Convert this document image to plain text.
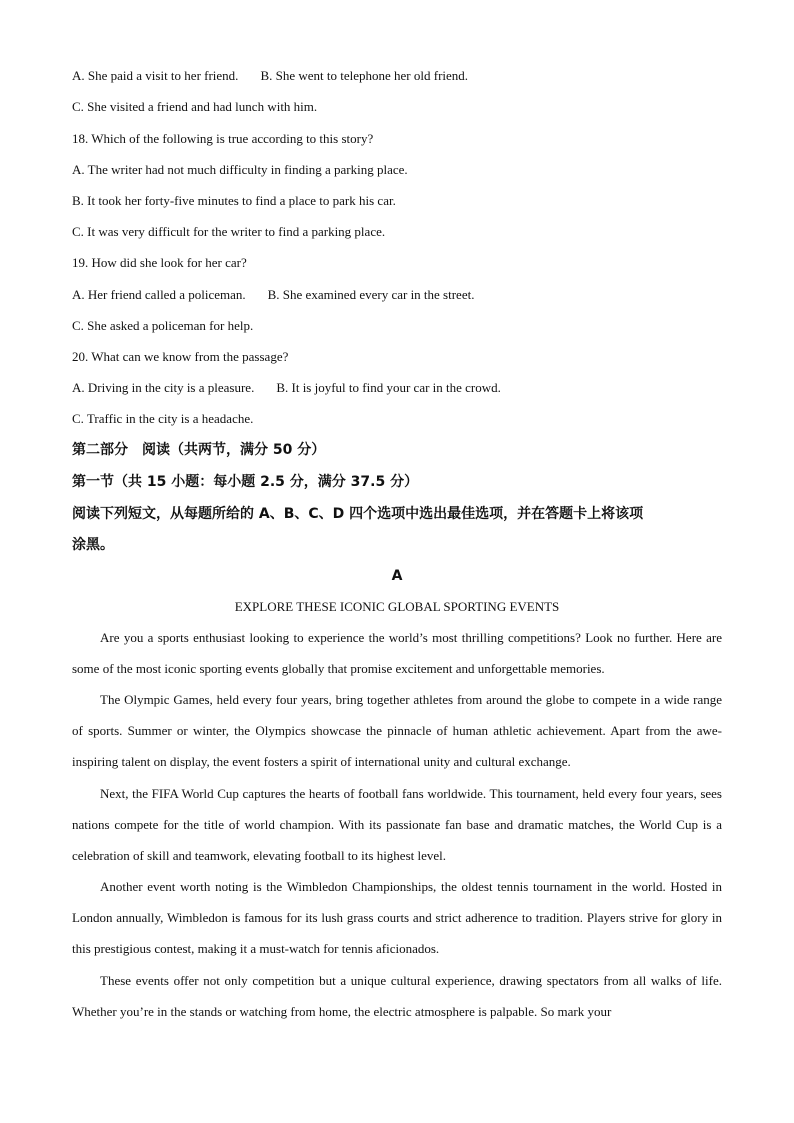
A. She paid a visit to her friend. B. She went to telephone her old friend.
C. She visited a friend and had lunch with him.
18. Which of the following is true according to this story?
A. The writer had not much difficulty in finding a parking place.
B. It took her forty-five minutes to find a place to park his car.
C. It was very difficult for the writer to find a parking place.
19. How did she look for her car?
A. Her friend called a policeman. B. She examined every car in the street.
C. She asked a policeman for help.
20. What can we know from the passage?
A. Driving in the city is a pleasure. B. It is joyful to find your car in the crowd.
C. Traffic in the city is a headache.
第二部分　阅读（共两节，满分 50 分）
第一节（共 15 小题：每小题 2.5 分，满分 37.5 分）
阅读下列短文，从每题所给的 A、B、C、D 四个选项中选出最佳选项，并在答题卡上将该项
涂黑。
A
EXPLORE THESE ICONIC GLOBAL SPORTING EVENTS
Are you a sports enthusiast looking to experience the world’s most thrilling competitions? Look no further. Here are some of the most iconic sporting events globally that promise excitement and unforgettable memories.
The Olympic Games, held every four years, bring together athletes from around the globe to compete in a wide range of sports. Summer or winter, the Olympics showcase the pinnacle of human athletic achievement. Apart from the awe-inspiring talent on display, the event fosters a spirit of international unity and cultural exchange.
Next, the FIFA World Cup captures the hearts of football fans worldwide. This tournament, held every four years, sees nations compete for the title of world champion. With its passionate fan base and dramatic matches, the World Cup is a celebration of skill and teamwork, elevating football to its highest level.
Another event worth noting is the Wimbledon Championships, the oldest tennis tournament in the world. Hosted in London annually, Wimbledon is famous for its lush grass courts and strict adherence to tradition. Players strive for glory in this prestigious contest, making it a must-watch for tennis aficionados.
These events offer not only competition but a unique cultural experience, drawing spectators from all walks of life. Whether you’re in the stands or watching from home, the electric atmosphere is palpable. So mark your
